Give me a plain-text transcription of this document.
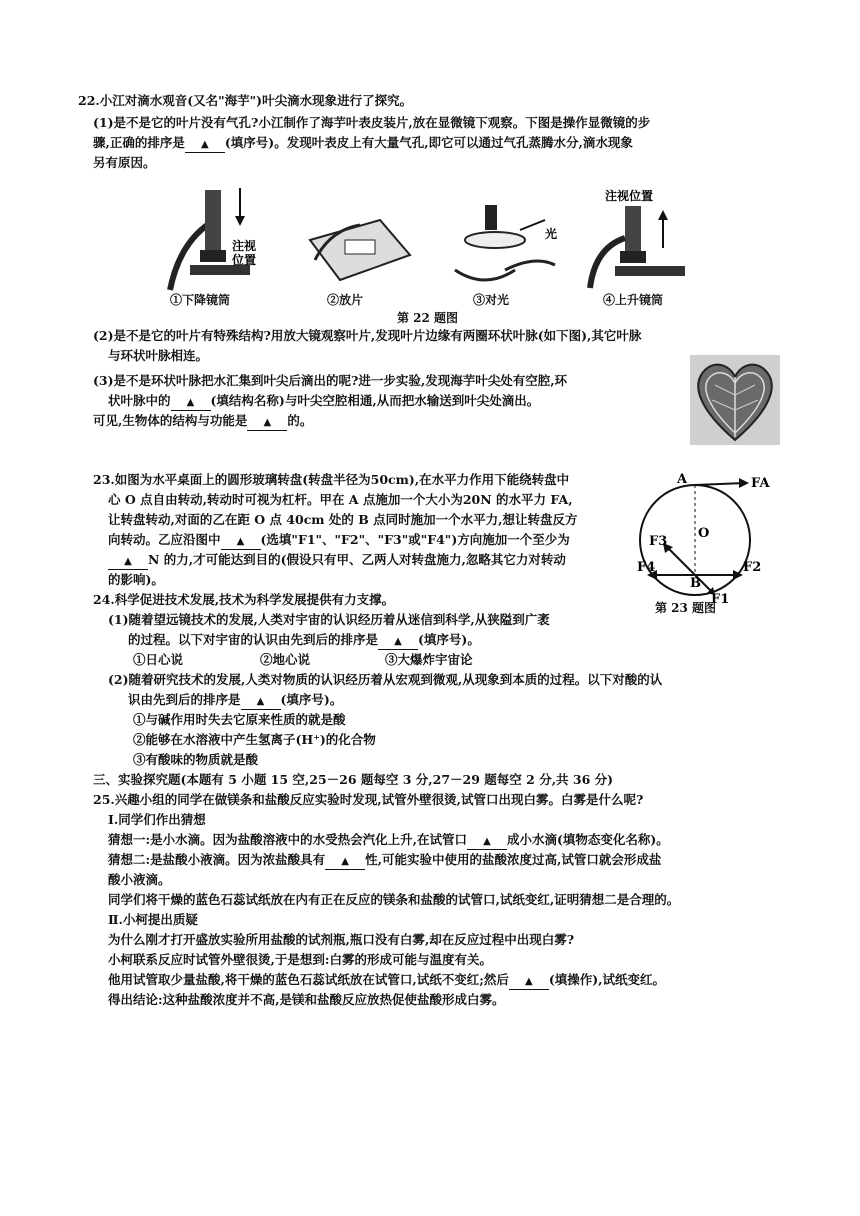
22.小江对滴水观音(又名"海芋")叶尖滴水现象进行了探究。
(1)是不是它的叶片没有气孔?小江制作了海芋叶表皮装片,放在显微镜下观察。下图是操作显微镜的步
骤,正确的排序是 ▲ (填序号)。发现叶表皮上有大量气孔,即它可以通过气孔蒸腾水分,滴水现象
另有原因。
注视
位置
光
注视位置
①下降镜筒	②放片	③对光	④上升镜筒
第 22 题图
(2)是不是它的叶片有特殊结构?用放大镜观察叶片,发现叶片边缘有两圈环状叶脉(如下图),其它叶脉
与环状叶脉相连。
(3)是不是环状叶脉把水汇集到叶尖后滴出的呢?进一步实验,发现海芋叶尖处有空腔,环
状叶脉中的 ▲ (填结构名称)与叶尖空腔相通,从而把水输送到叶尖处滴出。
可见,生物体的结构与功能是 ▲ 的。
23.如图为水平桌面上的圆形玻璃转盘(转盘半径为50cm),在水平力作用下能绕转盘中
心 O 点自由转动,转动时可视为杠杆。甲在 A 点施加一个大小为20N 的水平力 FA,
让转盘转动,对面的乙在距 O 点 40cm 处的 B 点同时施加一个水平力,想让转盘反方
向转动。乙应沿图中 ▲ (选填"F1"、"F2"、"F3"或"F4")方向施加一个至少为
▲ N 的力,才可能达到目的(假设只有甲、乙两人对转盘施力,忽略其它力对转动
的影响)。
A	FA
O
B
F2
F4
F3
F1
第 23 题图
24.科学促进技术发展,技术为科学发展提供有力支撑。
(1)随着望远镜技术的发展,人类对宇宙的认识经历着从迷信到科学,从狭隘到广袤
的过程。以下对宇宙的认识由先到后的排序是 ▲ (填序号)。
①日心说	②地心说	③大爆炸宇宙论
(2)随着研究技术的发展,人类对物质的认识经历着从宏观到微观,从现象到本质的过程。以下对酸的认
识由先到后的排序是 ▲ (填序号)。
①与碱作用时失去它原来性质的就是酸
②能够在水溶液中产生氢离子(H⁺)的化合物
③有酸味的物质就是酸
三、实验探究题(本题有 5 小题 15 空,25－26 题每空 3 分,27－29 题每空 2 分,共 36 分)
25.兴趣小组的同学在做镁条和盐酸反应实验时发现,试管外壁很烫,试管口出现白雾。白雾是什么呢?
Ⅰ.同学们作出猜想
猜想一:是小水滴。因为盐酸溶液中的水受热会汽化上升,在试管口 ▲ 成小水滴(填物态变化名称)。
猜想二:是盐酸小液滴。因为浓盐酸具有 ▲ 性,可能实验中使用的盐酸浓度过高,试管口就会形成盐
酸小液滴。
同学们将干燥的蓝色石蕊试纸放在内有正在反应的镁条和盐酸的试管口,试纸变红,证明猜想二是合理的。
Ⅱ.小柯提出质疑
为什么刚才打开盛放实验所用盐酸的试剂瓶,瓶口没有白雾,却在反应过程中出现白雾?
小柯联系反应时试管外壁很烫,于是想到:白雾的形成可能与温度有关。
他用试管取少量盐酸,将干燥的蓝色石蕊试纸放在试管口,试纸不变红;然后 ▲ (填操作),试纸变红。
得出结论:这种盐酸浓度并不高,是镁和盐酸反应放热促使盐酸形成白雾。
